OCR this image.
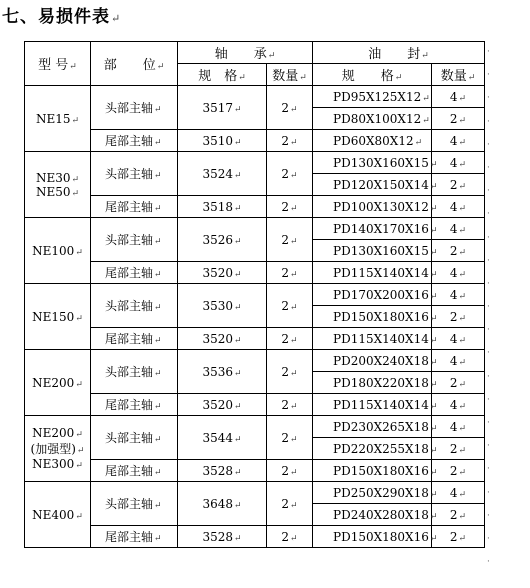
七、易损件表↵
型 号↵	部　　位↵	轴　　承↵		油　　封↵	
		规　格↵	数量↵	规　　格↵	数量↵
NE15↵	头部主轴↵	3517↵	2↵	PD95X125X12↵	4↵
				PD80X100X12↵	2↵
	尾部主轴↵	3510↵	2↵	PD60X80X12↵	4↵
NE30↵
NE50↵	头部主轴↵	3524↵	2↵	PD130X160X15↵	4↵
				PD120X150X14↵	2↵
	尾部主轴↵	3518↵	2↵	PD100X130X12↵	4↵
NE100↵	头部主轴↵	3526↵	2↵	PD140X170X16↵	4↵
				PD130X160X15↵	2↵
	尾部主轴↵	3520↵	2↵	PD115X140X14↵	4↵
NE150↵	头部主轴↵	3530↵	2↵	PD170X200X16↵	4↵
				PD150X180X16↵	2↵
	尾部主轴↵	3520↵	2↵	PD115X140X14↵	4↵
NE200↵	头部主轴↵	3536↵	2↵	PD200X240X18↵	4↵
				PD180X220X18↵	2↵
	尾部主轴↵	3520↵	2↵	PD115X140X14↵	4↵
NE200↵
(加强型)↵
NE300↵	头部主轴↵	3544↵	2↵	PD230X265X18↵	4↵
				PD220X255X18↵	2↵
	尾部主轴↵	3528↵	2↵	PD150X180X16↵	2↵
NE400↵	头部主轴↵	3648↵	2↵	PD250X290X18↵	4↵
				PD240X280X18↵	2↵
	尾部主轴↵	3528↵	2↵	PD150X180X16↵	2↵
·
·
·
·
·
·
·
·
·
·
·
·
·
·
·
·
·
·
·
·
·
·
·
